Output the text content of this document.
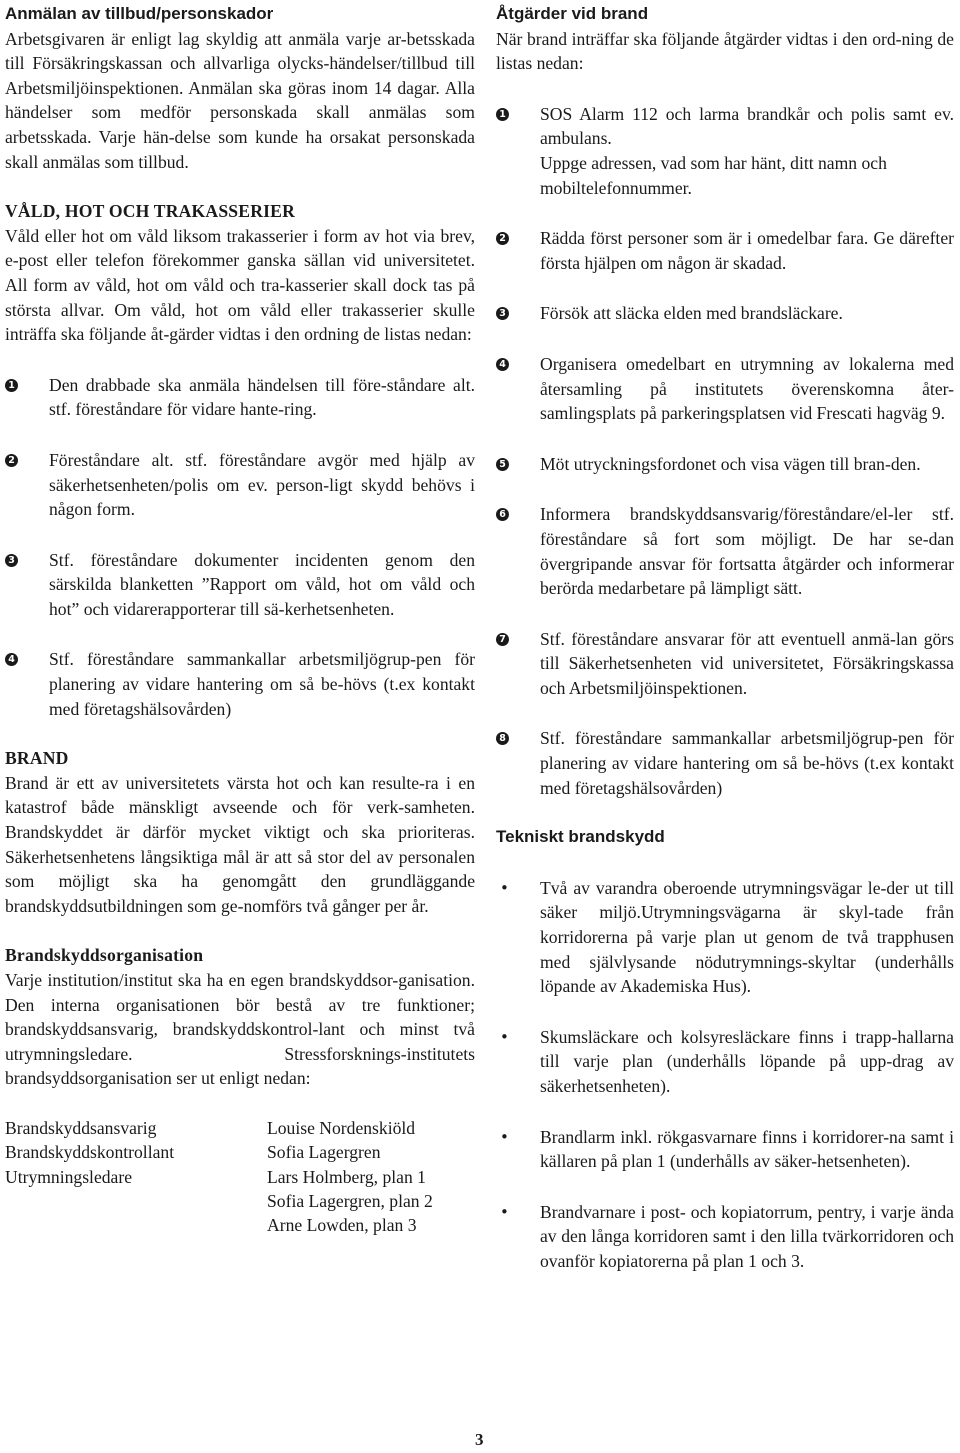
Anmälan av tillbud/personskador

Arbetsgivaren är enligt lag skyldig att anmäla varje ar-betsskada till Försäkringskassan och allvarliga olycks-händelser/tillbud till Arbetsmiljöinspektionen. Anmälan ska göras inom 14 dagar. Alla händelser som medför personskada skall anmälas som arbetsskada. Varje hän-delse som kunde ha orsakat personskada skall anmälas som tillbud.

VÅLD, HOT OCH TRAKASSERIER

Våld eller hot om våld liksom trakasserier i form av hot via brev, e-post eller telefon förekommer ganska sällan vid universitetet. All form av våld, hot om våld och tra-kasserier skall dock tas på största allvar. Om våld, hot om våld eller trakasserier skulle inträffa ska följande åt-gärder vidtas i den ordning de listas nedan:

1 Den drabbade ska anmäla händelsen till före-ståndare alt. stf. föreståndare för vidare hante-ring.

2 Föreståndare alt. stf. föreståndare avgör med hjälp av säkerhetsenheten/polis om ev. person-ligt skydd behövs i någon form.

3 Stf. föreståndare dokumenter incidenten genom den särskilda blanketten ”Rapport om våld, hot om våld och hot” och vidarerapporterar till sä-kerhetsenheten.

4 Stf. föreståndare sammankallar arbetsmiljögrup-pen för planering av vidare hantering om så be-hövs (t.ex kontakt med företagshälsovården)

BRAND

Brand är ett av universitetets värsta hot och kan resulte-ra i en katastrof både mänskligt avseende och för verk-samheten. Brandskyddet är därför mycket viktigt och ska prioriteras. Säkerhetsenhetens långsiktiga mål är att så stor del av personalen som möjligt ska ha genomgått den grundläggande brandskyddsutbildningen som ge-nomförs två gånger per år.

Brandskyddsorganisation

Varje institution/institut ska ha en egen brandskyddsor-ganisation. Den interna organisationen bör bestå av tre funktioner; brandskyddsansvarig, brandskyddskontrol-lant och minst två utrymningsledare. Stressforsknings-institutets brandsyddsorganisation ser ut enligt nedan:

Brandskyddsansvarig	Louise Nordenskiöld
Brandskyddskontrollant	Sofia Lagergren
Utrymningsledare	Lars Holmberg, plan 1
	Sofia Lagergren, plan 2
	Arne Lowden, plan 3
Åtgärder vid brand

När brand inträffar ska följande åtgärder vidtas i den ord-ning de listas nedan:

1 SOS Alarm 112 och larma brandkår och polis samt ev. ambulans.

Uppge adressen, vad som har hänt, ditt namn och mobiltelefonnummer.

2 Rädda först personer som är i omedelbar fara. Ge därefter första hjälpen om någon är skadad.

3 Försök att släcka elden med brandsläckare.

4 Organisera omedelbart en utrymning av lokalerna med återsamling på institutets överenskomna åter-samlingsplats på parkeringsplatsen vid Frescati hagväg 9.

5 Möt utryckningsfordonet och visa vägen till bran-den.

6 Informera brandskyddsansvarig/föreståndare/el-ler stf. föreståndare så fort som möjligt. De har se-dan övergripande ansvar för fortsatta åtgärder och informerar berörda medarbetare på lämpligt sätt.

7 Stf. föreståndare ansvarar för att eventuell anmä-lan görs till Säkerhetsenheten vid universitetet, Försäkringskassa och Arbetsmiljöinspektionen.

8 Stf. föreståndare sammankallar arbetsmiljögrup-pen för planering av vidare hantering om så be-hövs (t.ex kontakt med företagshälsovården)

Tekniskt brandskydd
• Två av varandra oberoende utrymningsvägar le-der ut till säker miljö.Utrymningsvägarna är skyl-tade från korridorerna på varje plan ut genom de två trapphusen med självlysande nödutrymnings-skyltar (underhålls löpande av Akademiska Hus).

• Skumsläckare och kolsyresläckare finns i trapp-hallarna till varje plan (underhålls löpande på upp-drag av säkerhetsenheten).

• Brandlarm inkl. rökgasvarnare finns i korridorer-na samt i källaren på plan 1 (underhålls av säker-hetsenheten).

• Brandvarnare i post- och kopiatorrum, pentry, i varje ända av den långa korridoren samt i den lilla tvärkorridoren och ovanför kopiatorerna på plan 1 och 3.

3
